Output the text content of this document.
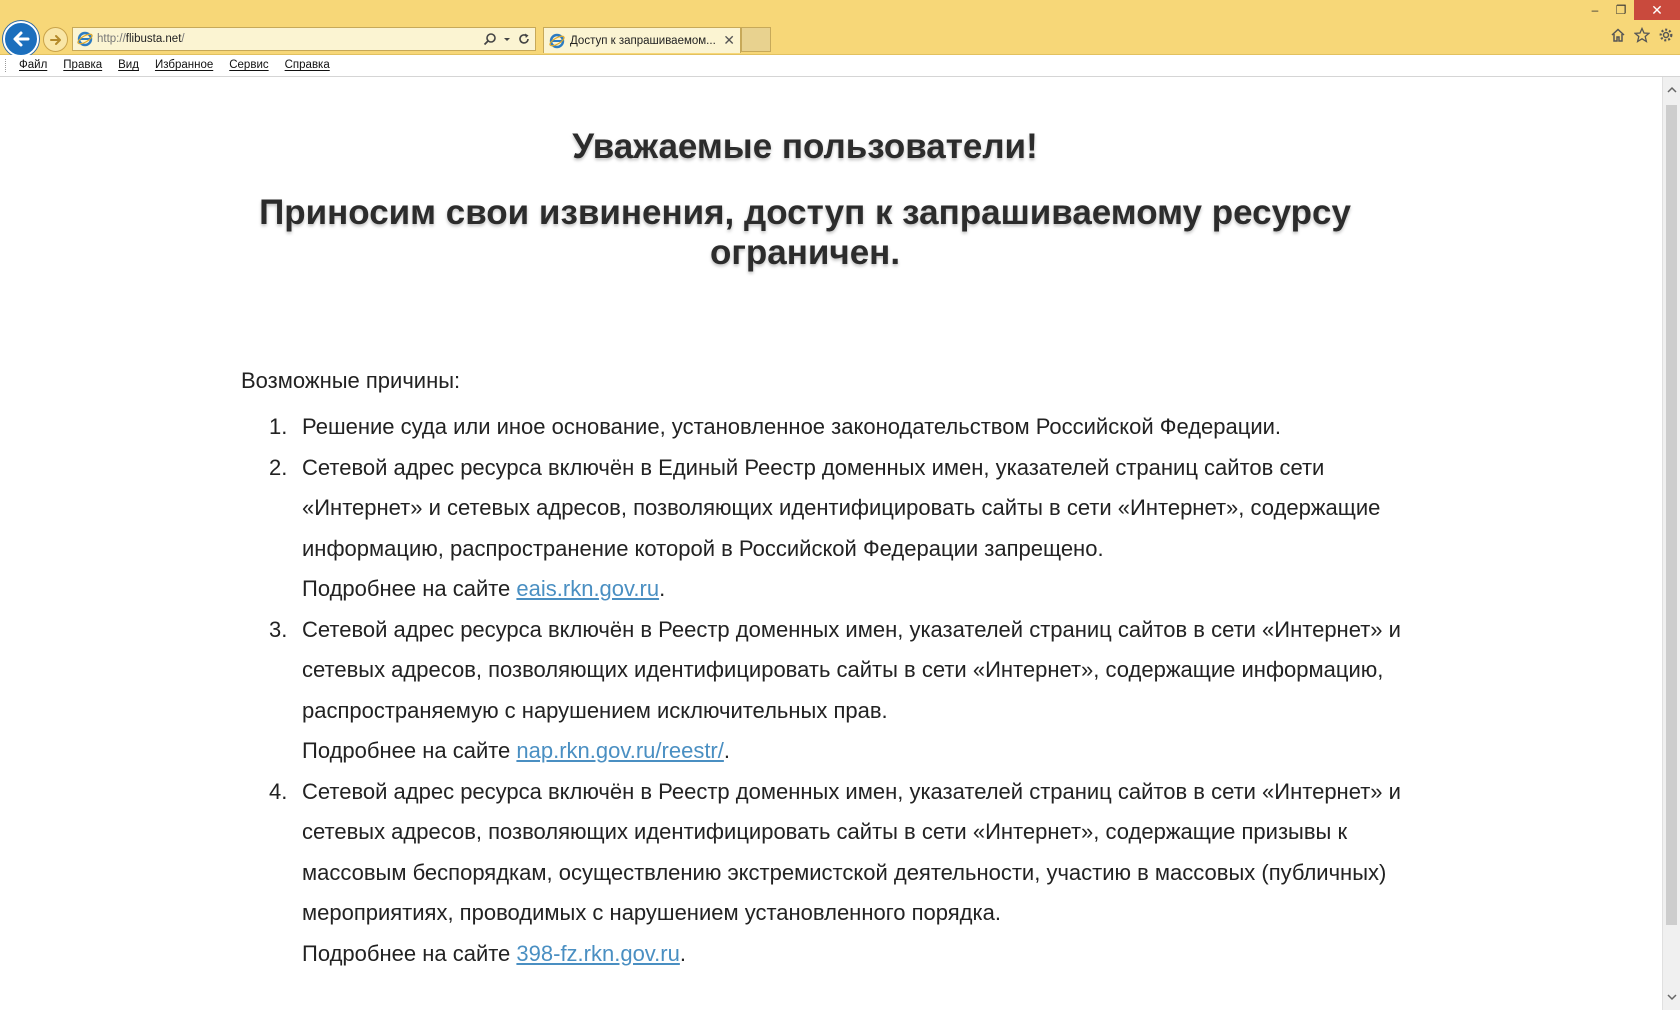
http://flibusta.net/	Доступ к запрашиваемом... ✕
–	❐	✕
Файл Правка Вид Избранное Сервис Справка
Уважаемые пользователи!
Приносим свои извинения, доступ к запрашиваемому ресурсу ограничен.
Возможные причины:
1. Решение суда или иное основание, установленное законодательством Российской Федерации.
2. Сетевой адрес ресурса включён в Единый Реестр доменных имен, указателей страниц сайтов сети «Интернет» и сетевых адресов, позволяющих идентифицировать сайты в сети «Интернет», содержащие информацию, распространение которой в Российской Федерации запрещено.
Подробнее на сайте eais.rkn.gov.ru.
3. Сетевой адрес ресурса включён в Реестр доменных имен, указателей страниц сайтов в сети «Интернет» и сетевых адресов, позволяющих идентифицировать сайты в сети «Интернет», содержащие информацию, распространяемую с нарушением исключительных прав.
Подробнее на сайте nap.rkn.gov.ru/reestr/.
4. Сетевой адрес ресурса включён в Реестр доменных имен, указателей страниц сайтов в сети «Интернет» и сетевых адресов, позволяющих идентифицировать сайты в сети «Интернет», содержащие призывы к массовым беспорядкам, осуществлению экстремистской деятельности, участию в массовых (публичных) мероприятиях, проводимых с нарушением установленного порядка.
Подробнее на сайте 398-fz.rkn.gov.ru.
